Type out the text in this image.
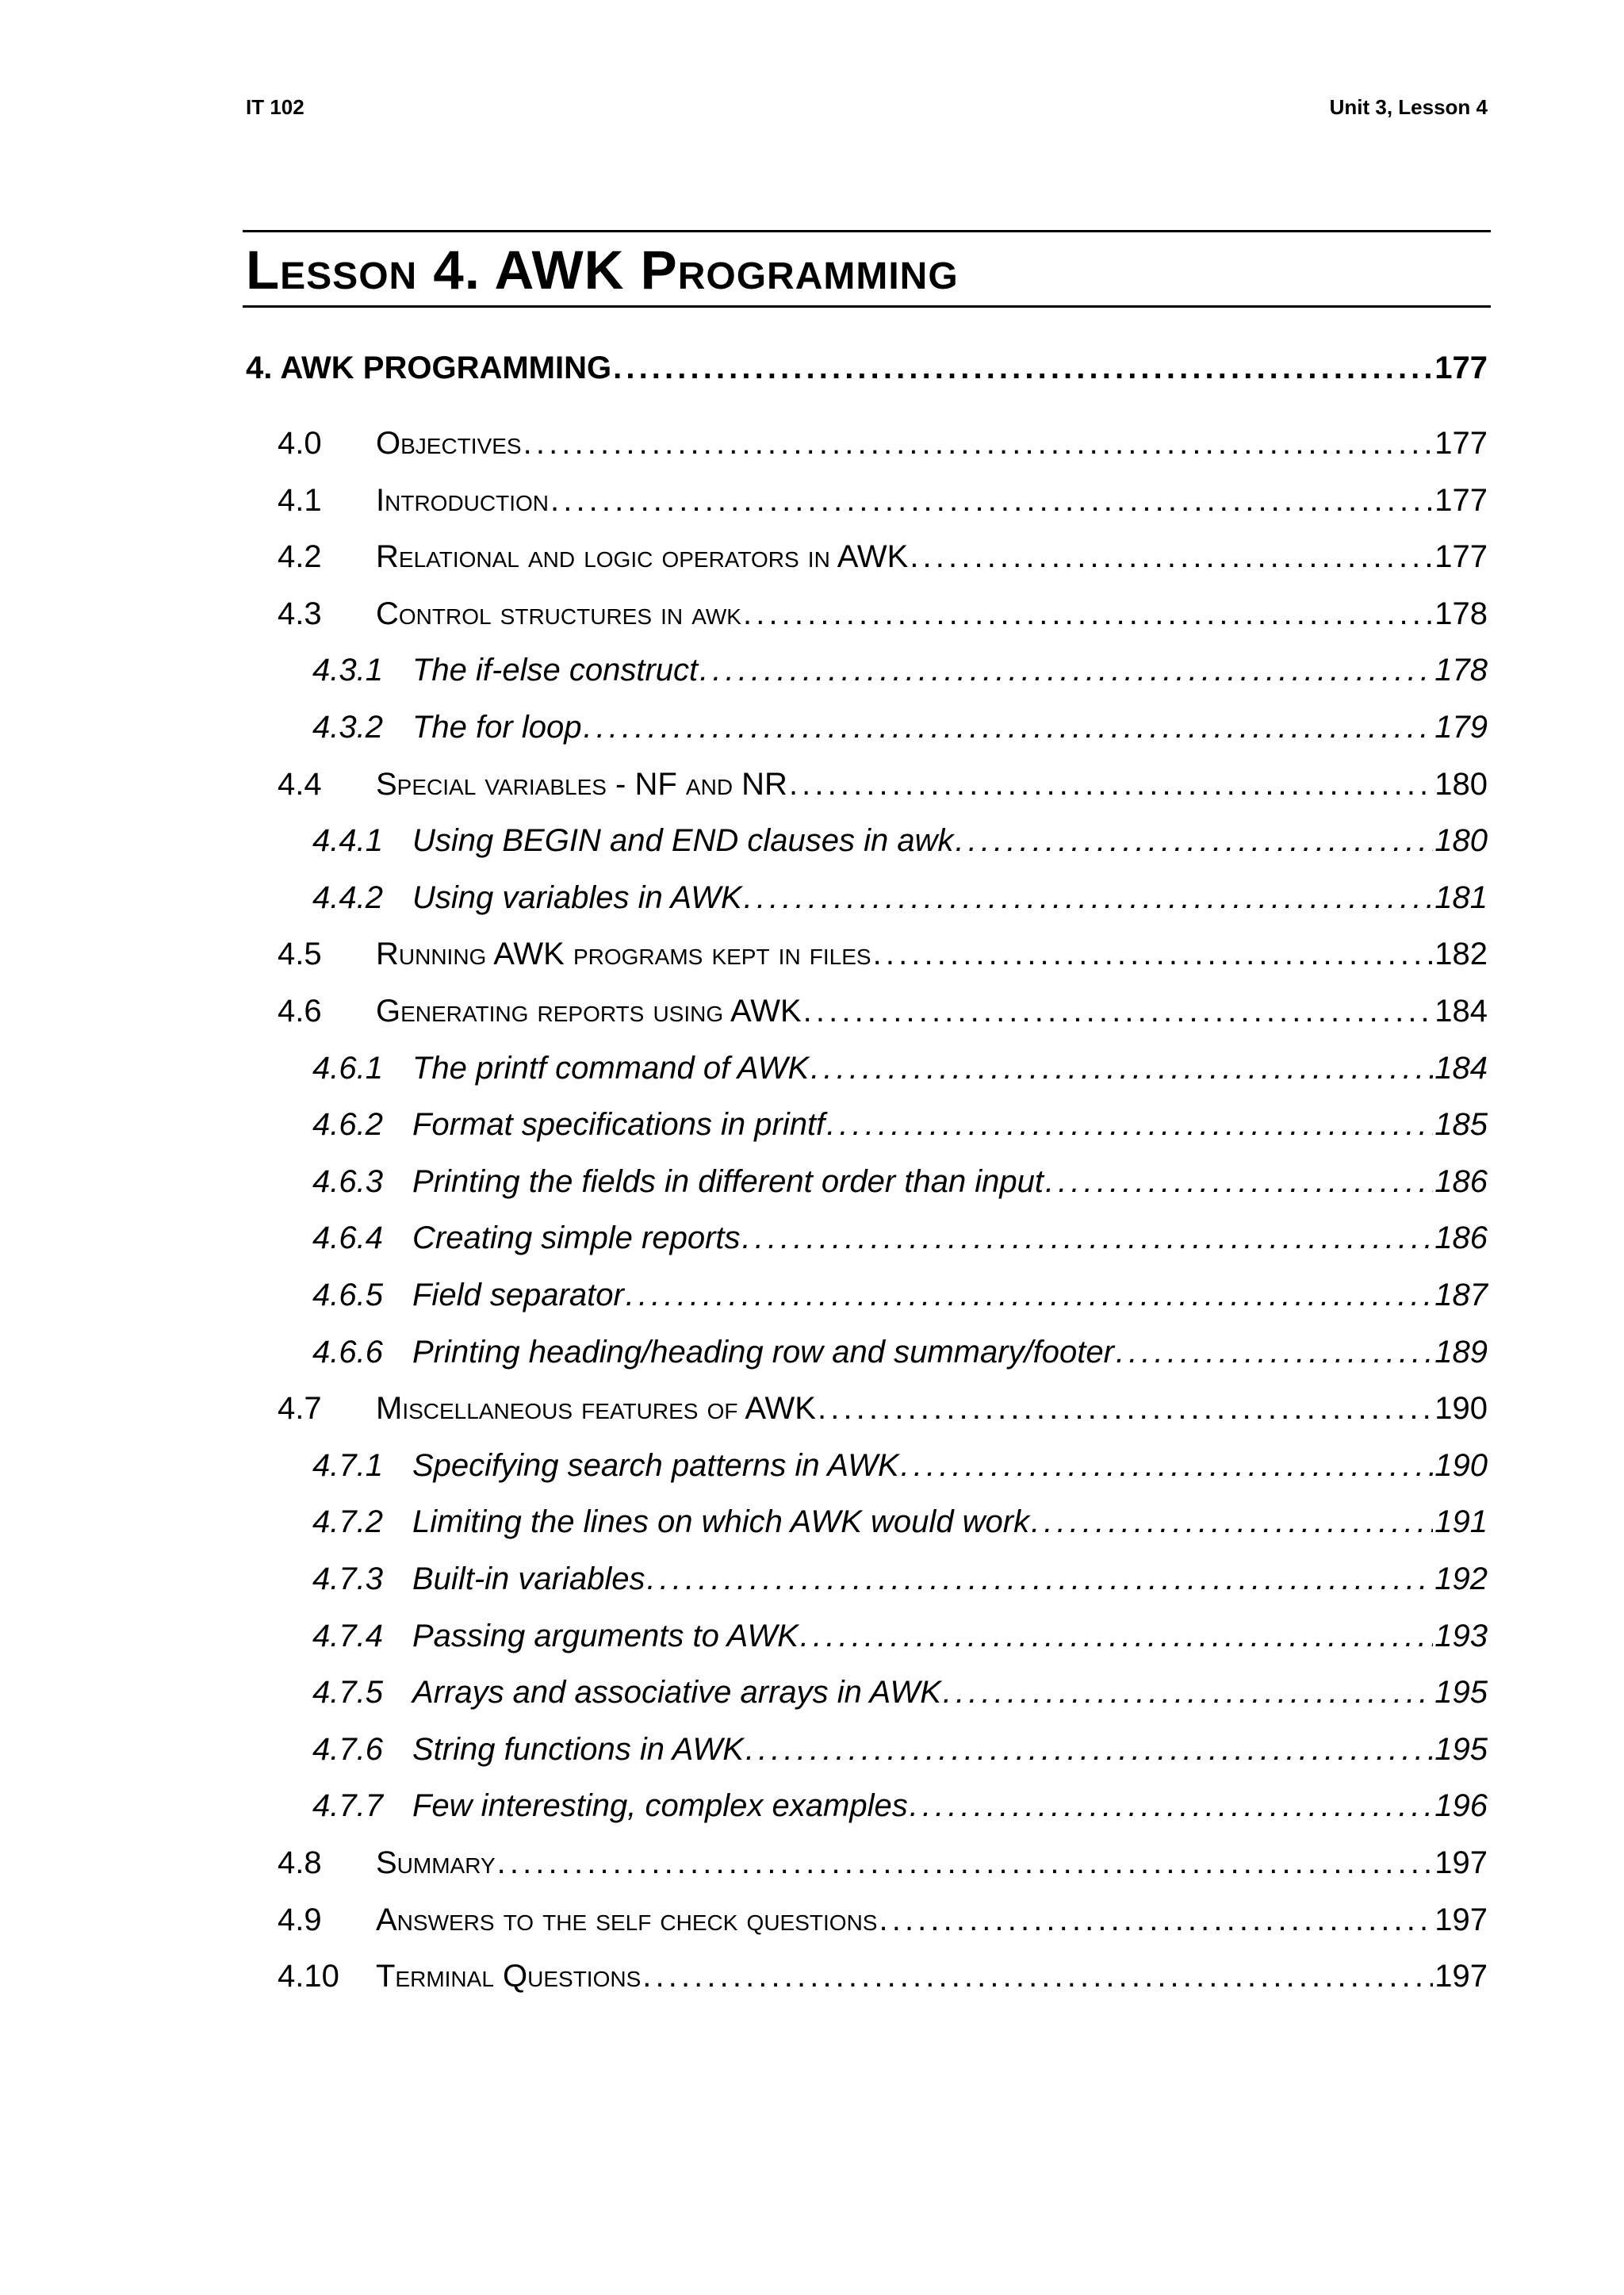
IT 102	Unit 3, Lesson 4
Lesson 4. AWK Programming
4. AWK PROGRAMMING . . .	177
4.0	Objectives . . .	177
4.1	Introduction . . .	177
4.2	Relational and logic operators in AWK . . .	177
4.3	Control structures in awk . . .	178
4.3.1 The if-else construct . . .	178
4.3.2 The for loop . . .	179
4.4	Special variables - NF and NR . . .	180
4.4.1 Using BEGIN and END clauses in awk . . .	180
4.4.2 Using variables in AWK . . .	181
4.5	Running AWK programs kept in files . . .	182
4.6	Generating reports using AWK . . .	184
4.6.1 The printf command of AWK . . .	184
4.6.2 Format specifications in printf . . .	185
4.6.3 Printing the fields in different order than input . . .	186
4.6.4 Creating simple reports . . .	186
4.6.5 Field separator . . .	187
4.6.6 Printing heading/heading row and summary/footer . . .	189
4.7	Miscellaneous features of AWK . . .	190
4.7.1 Specifying search patterns in AWK . . .	190
4.7.2 Limiting the lines on which AWK would work . . .	191
4.7.3 Built-in variables . . .	192
4.7.4 Passing arguments to AWK . . .	193
4.7.5 Arrays and associative arrays in AWK . . .	195
4.7.6 String functions in AWK . . .	195
4.7.7 Few interesting, complex examples . . .	196
4.8	Summary . . .	197
4.9	Answers to the self check questions . . .	197
4.10	Terminal Questions . . .	197
